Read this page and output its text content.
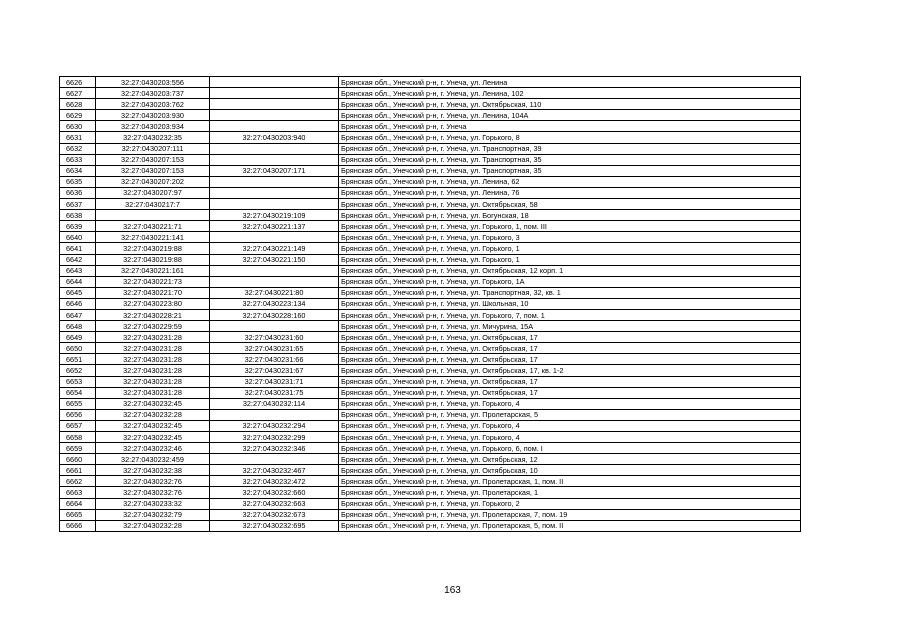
6626	32:27:0430203:556		Брянская обл., Унечский р-н, г. Унеча, ул. Ленина
6627	32:27:0430203:737		Брянская обл., Унечский р-н, г. Унеча, ул. Ленина, 102
6628	32:27:0430203:762		Брянская обл., Унечский р-н, г. Унеча, ул. Октябрьская, 110
6629	32:27:0430203:930		Брянская обл., Унечский р-н, г. Унеча, ул. Ленина, 104А
6630	32:27:0430203:934		Брянская обл., Унечский р-н, г. Унеча
6631	32:27:0430232:35	32:27:0430203:940	Брянская обл., Унечский р-н, г. Унеча, ул. Горького, 8
6632	32:27:0430207:111		Брянская обл., Унечский р-н, г. Унеча, ул. Транспортная, 39
6633	32:27:0430207:153		Брянская обл., Унечский р-н, г. Унеча, ул. Транспортная, 35
6634	32:27:0430207:153	32:27:0430207:171	Брянская обл., Унечский р-н, г. Унеча, ул. Транспортная, 35
6635	32:27:0430207:202		Брянская обл., Унечский р-н, г. Унеча, ул. Ленина, 62
6636	32:27:0430207:97		Брянская обл., Унечский р-н, г. Унеча, ул. Ленина, 76
6637	32:27:0430217:7		Брянская обл., Унечский р-н, г. Унеча, ул. Октябрьская, 58
6638		32:27:0430219:109	Брянская обл., Унечский р-н, г. Унеча, ул. Богунская, 18
6639	32:27:0430221:71	32:27:0430221:137	Брянская обл., Унечский р-н, г. Унеча, ул. Горького, 1, пом. III
6640	32:27:0430221:141		Брянская обл., Унечский р-н, г. Унеча, ул. Горького, 3
6641	32:27:0430219:88	32:27:0430221:149	Брянская обл., Унечский р-н, г. Унеча, ул. Горького, 1
6642	32:27:0430219:88	32:27:0430221:150	Брянская обл., Унечский р-н, г. Унеча, ул. Горького, 1
6643	32:27:0430221:161		Брянская обл., Унечский р-н, г. Унеча, ул. Октябрьская, 12 корп. 1
6644	32:27:0430221:73		Брянская обл., Унечский р-н, г. Унеча, ул. Горького, 1А
6645	32:27:0430221:70	32:27:0430221:80	Брянская обл., Унечский р-н, г. Унеча, ул. Транспортная, 32, кв. 1
6646	32:27:0430223:80	32:27:0430223:134	Брянская обл., Унечский р-н, г. Унеча, ул. Школьная, 10
6647	32:27:0430228:21	32:27:0430228:160	Брянская обл., Унечский р-н, г. Унеча, ул. Горького, 7, пом. 1
6648	32:27:0430229:59		Брянская обл., Унечский р-н, г. Унеча, ул. Мичурина, 15А
6649	32:27:0430231:28	32:27:0430231:60	Брянская обл., Унечский р-н, г. Унеча, ул. Октябрьская, 17
6650	32:27:0430231:28	32:27:0430231:65	Брянская обл., Унечский р-н, г. Унеча, ул. Октябрьская, 17
6651	32:27:0430231:28	32:27:0430231:66	Брянская обл., Унечский р-н, г. Унеча, ул. Октябрьская, 17
6652	32:27:0430231:28	32:27:0430231:67	Брянская обл., Унечский р-н, г. Унеча, ул. Октябрьская, 17, кв. 1-2
6653	32:27:0430231:28	32:27:0430231:71	Брянская обл., Унечский р-н, г. Унеча, ул. Октябрьская, 17
6654	32:27:0430231:28	32:27:0430231:75	Брянская обл., Унечский р-н, г. Унеча, ул. Октябрьская, 17
6655	32:27:0430232:45	32:27:0430232:114	Брянская обл., Унечский р-н, г. Унеча, ул. Горького, 4
6656	32:27:0430232:28		Брянская обл., Унечский р-н, г. Унеча, ул. Пролетарская, 5
6657	32:27:0430232:45	32:27:0430232:294	Брянская обл., Унечский р-н, г. Унеча, ул. Горького, 4
6658	32:27:0430232:45	32:27:0430232:299	Брянская обл., Унечский р-н, г. Унеча, ул. Горького, 4
6659	32:27:0430232:46	32:27:0430232:346	Брянская обл., Унечский р-н, г. Унеча, ул. Горького, 6, пом. I
6660	32:27:0430232:459		Брянская обл., Унечский р-н, г. Унеча, ул. Октябрьская, 12
6661	32:27:0430232:38	32:27:0430232:467	Брянская обл., Унечский р-н, г. Унеча, ул. Октябрьская, 10
6662	32:27:0430232:76	32:27:0430232:472	Брянская обл., Унечский р-н, г. Унеча, ул. Пролетарская, 1, пом. II
6663	32:27:0430232:76	32:27:0430232:660	Брянская обл., Унечский р-н, г. Унеча, ул. Пролетарская, 1
6664	32:27:0430233:32	32:27:0430232:663	Брянская обл., Унечский р-н, г. Унеча, ул. Горького, 2
6665	32:27:0430232:79	32:27:0430232:673	Брянская обл., Унечский р-н, г. Унеча, ул. Пролетарская, 7, пом. 19
6666	32:27:0430232:28	32:27:0430232:695	Брянская обл., Унечский р-н, г. Унеча, ул. Пролетарская, 5, пом. II
163
